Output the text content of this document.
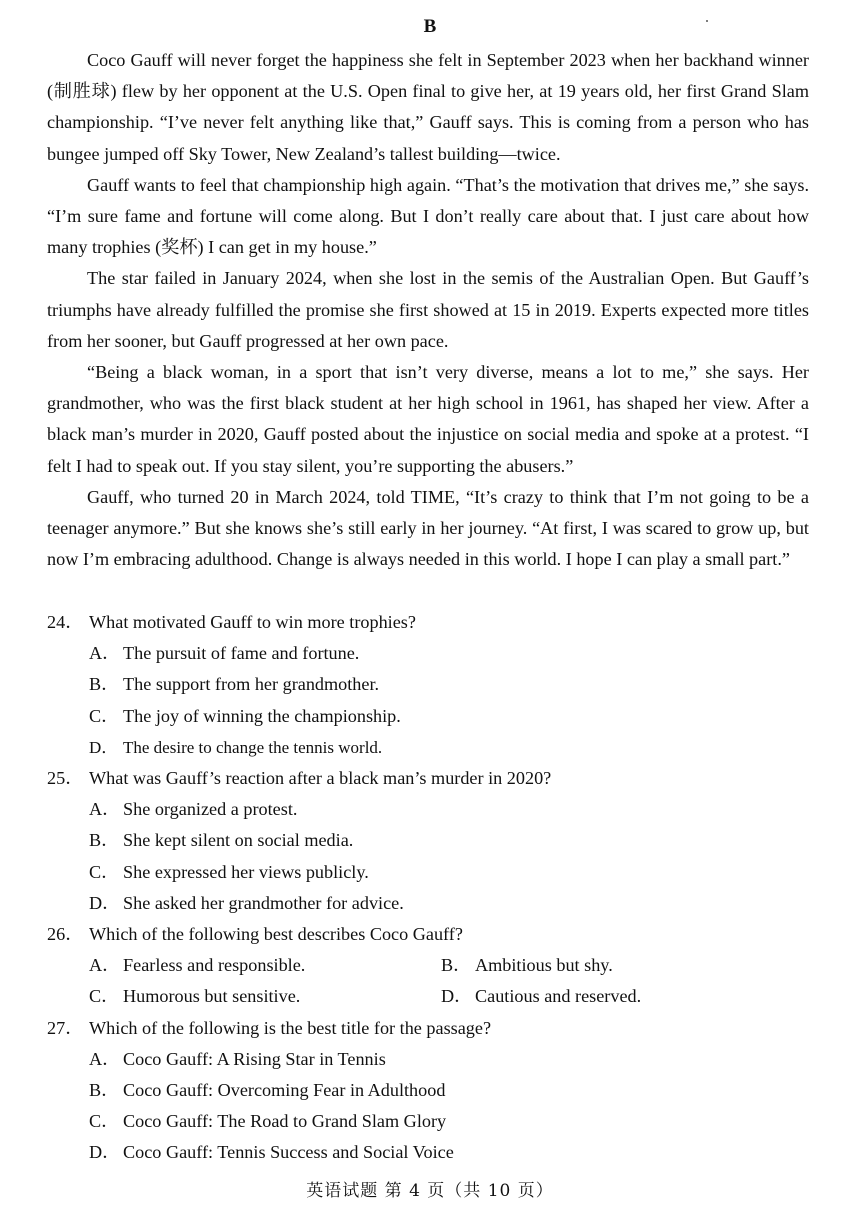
B

Coco Gauff will never forget the happiness she felt in September 2023 when her backhand winner (制胜球) flew by her opponent at the U.S. Open final to give her, at 19 years old, her first Grand Slam championship. “I’ve never felt anything like that,” Gauff says. This is coming from a person who has bungee jumped off Sky Tower, New Zealand’s tallest building—twice.

Gauff wants to feel that championship high again. “That’s the motivation that drives me,” she says. “I’m sure fame and fortune will come along. But I don’t really care about that. I just care about how many trophies (奖杯) I can get in my house.”

The star failed in January 2024, when she lost in the semis of the Australian Open. But Gauff’s triumphs have already fulfilled the promise she first showed at 15 in 2019. Experts expected more titles from her sooner, but Gauff progressed at her own pace.

“Being a black woman, in a sport that isn’t very diverse, means a lot to me,” she says. Her grandmother, who was the first black student at her high school in 1961, has shaped her view. After a black man’s murder in 2020, Gauff posted about the injustice on social media and spoke at a protest. “I felt I had to speak out. If you stay silent, you’re supporting the abusers.”

Gauff, who turned 20 in March 2024, told TIME, “It’s crazy to think that I’m not going to be a teenager anymore.” But she knows she’s still early in her journey. “At first, I was scared to grow up, but now I’m embracing adulthood. Change is always needed in this world. I hope I can play a small part.”

24． What motivated Gauff to win more trophies?
A． The pursuit of fame and fortune.
B． The support from her grandmother.
C． The joy of winning the championship.
D． The desire to change the tennis world.
25． What was Gauff’s reaction after a black man’s murder in 2020?
A． She organized a protest.
B． She kept silent on social media.
C． She expressed her views publicly.
D． She asked her grandmother for advice.
26． Which of the following best describes Coco Gauff?
A． Fearless and responsible.	B． Ambitious but shy.
C． Humorous but sensitive.	D． Cautious and reserved.
27． Which of the following is the best title for the passage?
A． Coco Gauff: A Rising Star in Tennis
B． Coco Gauff: Overcoming Fear in Adulthood
C． Coco Gauff: The Road to Grand Slam Glory
D． Coco Gauff: Tennis Success and Social Voice
英语试题 第 4 页（共 10 页）
